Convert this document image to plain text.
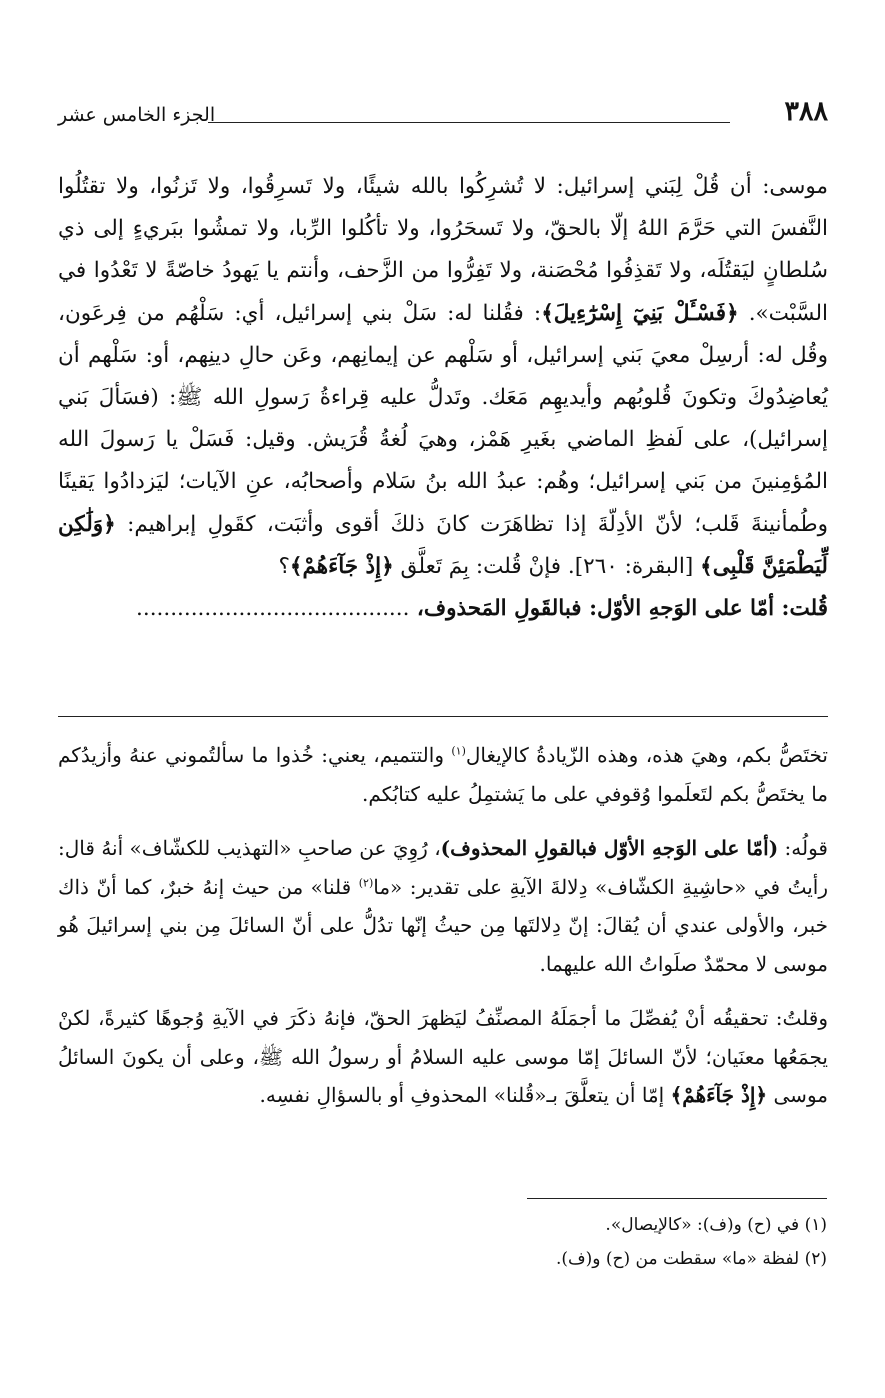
٣٨٨
الجزء الخامس عشر

موسى: أن قُلْ لِبَني إسرائيل: لا تُشرِكُوا بالله شيئًا، ولا تَسرِقُوا، ولا تَزنُوا، ولا تقتُلُوا النَّفسَ التي حَرَّمَ اللهُ إلّا بالحقّ، ولا تَسحَرُوا، ولا تأكُلوا الرِّبا، ولا تمشُوا ببَريءٍ إلى ذي سُلطانٍ ليَقتُلَه، ولا تَقذِفُوا مُحْصَنة، ولا تَفِرُّوا من الزَّحف، وأنتم يا يَهودُ خاصّةً لا تَعْدُوا في السَّبْت». ﴿فَسْـَٔلْ بَنِيٓ إِسْرَٰٓءِيلَ﴾: فقُلنا له: سَلْ بني إسرائيل، أي: سَلْهُم من فِرعَون، وقُل له: أرسِلْ معيَ بَني إسرائيل، أو سَلْهم عن إيمانِهم، وعَن حالِ دينِهم، أو: سَلْهم أن يُعاضِدُوكَ وتكونَ قُلوبُهم وأيديهِم مَعَك. وتَدلُّ عليه قِراءةُ رَسولِ الله ﷺ: (فسَألَ بَني إسرائيل)، على لَفظِ الماضي بغَيرِ هَمْز، وهيَ لُغةُ قُرَيش. وقيل: فَسَلْ يا رَسولَ الله المُؤمِنينَ من بَني إسرائيل؛ وهُم: عبدُ الله بنُ سَلام وأصحابُه، عنِ الآيات؛ ليَزدادُوا يَقينًا وطُمأنينةَ قَلب؛ لأنّ الأدِلّةَ إذا تظاهَرَت كانَ ذلكَ أقوى وأثبَت، كقَولِ إبراهيم: ﴿وَلَٰكِن لِّيَطْمَئِنَّ قَلْبِى﴾ [البقرة: ٢٦٠]. فإنْ قُلت: بِمَ تَعلَّق ﴿إِذْ جَآءَهُمْ﴾؟
قُلت: أمّا على الوَجهِ الأوّل: فبالقَولِ المَحذوف، ........................................

تختَصُّ بكم، وهيَ هذه، وهذه الزّيادةُ كالإيغال$^{(١)}$ والتتميم، يعني: خُذوا ما سألتُموني عنهُ وأزيدُكم ما يختَصُّ بكم لتَعلَموا وُقوفي على ما يَشتمِلُ عليه كتابُكم.

قولُه: (أمّا على الوَجهِ الأوّل فبالقولِ المحذوف)، رُوِيَ عن صاحبِ «التهذيب للكشّاف» أنهُ قال: رأيتُ في «حاشِيةِ الكشّاف» دِلالةَ الآيةِ على تقدير: «ما$^{(٢)}$ قلنا» من حيث إنهُ خبرٌ، كما أنّ ذاك خبر، والأولى عندي أن يُقالَ: إنّ دِلالتَها مِن حيثُ إنّها تدُلُّ على أنّ السائلَ مِن بني إسرائيلَ هُو موسى لا محمّدٌ صلَواتُ الله عليهما.

وقلتُ: تحقيقُه أنْ يُفصِّلَ ما أجمَلَهُ المصنِّفُ ليَظهرَ الحقّ، فإنهُ ذكَرَ في الآيةِ وُجوهًا كثيرةً، لكنْ يجمَعُها معنَيان؛ لأنّ السائلَ إمّا موسى عليه السلامُ أو رسولُ الله ﷺ، وعلى أن يكونَ السائلُ موسى ﴿إِذْ جَآءَهُمْ﴾ إمّا أن يتعلَّقَ بـ«قُلنا» المحذوفِ أو بالسؤالِ نفسِه.

(١) في (ح) و(ف): «كالإيصال».
(٢) لفظة «ما» سقطت من (ح) و(ف).
